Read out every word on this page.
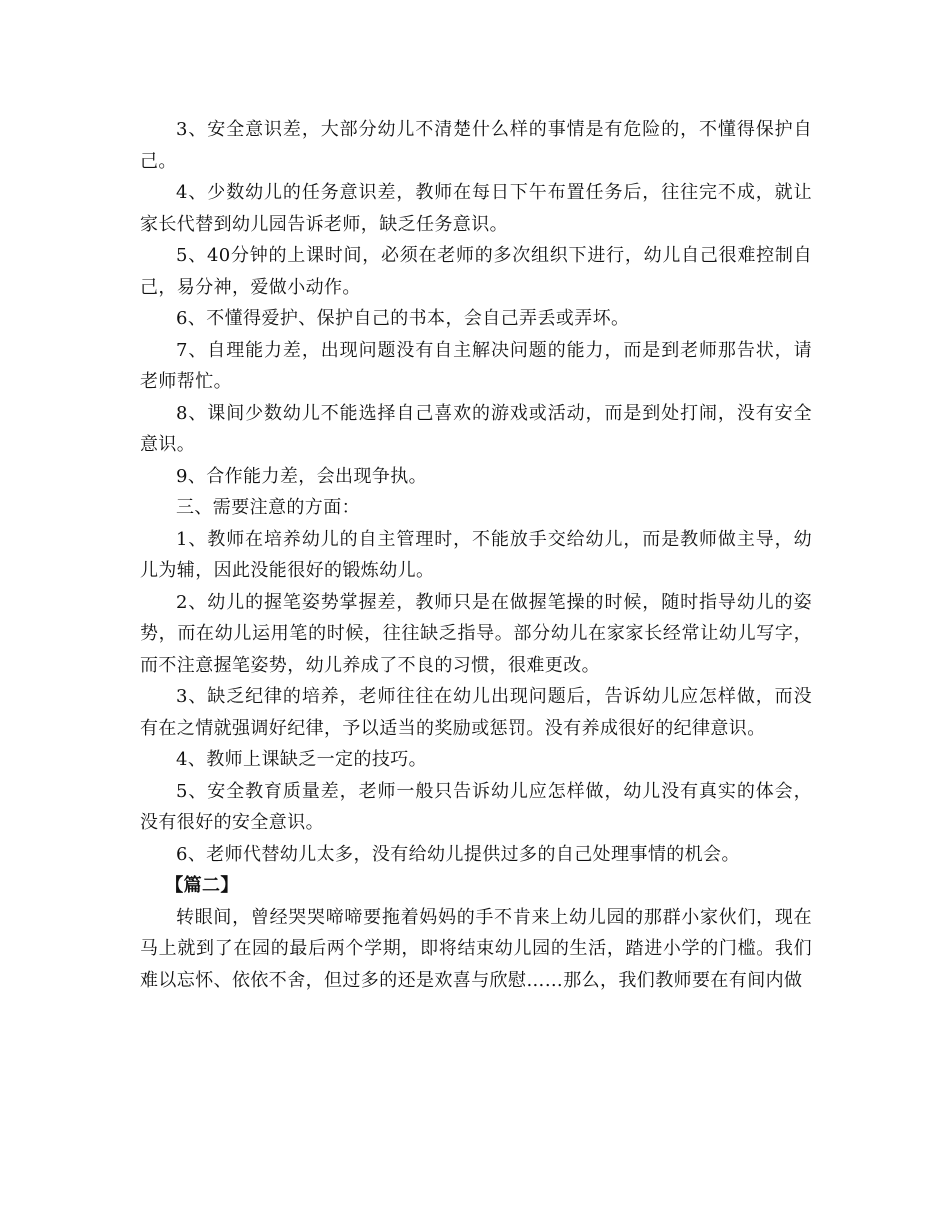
3、安全意识差，大部分幼儿不清楚什么样的事情是有危险的，不懂得保护自己。

4、少数幼儿的任务意识差，教师在每日下午布置任务后，往往完不成，就让家长代替到幼儿园告诉老师，缺乏任务意识。

5、40分钟的上课时间，必须在老师的多次组织下进行，幼儿自己很难控制自己，易分神，爱做小动作。

6、不懂得爱护、保护自己的书本，会自己弄丢或弄坏。

7、自理能力差，出现问题没有自主解决问题的能力，而是到老师那告状，请老师帮忙。

8、课间少数幼儿不能选择自己喜欢的游戏或活动，而是到处打闹，没有安全意识。

9、合作能力差，会出现争执。

三、需要注意的方面：

1、教师在培养幼儿的自主管理时，不能放手交给幼儿，而是教师做主导，幼儿为辅，因此没能很好的锻炼幼儿。

2、幼儿的握笔姿势掌握差，教师只是在做握笔操的时候，随时指导幼儿的姿势，而在幼儿运用笔的时候，往往缺乏指导。部分幼儿在家家长经常让幼儿写字，而不注意握笔姿势，幼儿养成了不良的习惯，很难更改。

3、缺乏纪律的培养，老师往往在幼儿出现问题后，告诉幼儿应怎样做，而没有在之情就强调好纪律，予以适当的奖励或惩罚。没有养成很好的纪律意识。

4、教师上课缺乏一定的技巧。

5、安全教育质量差，老师一般只告诉幼儿应怎样做，幼儿没有真实的体会，没有很好的安全意识。

6、老师代替幼儿太多，没有给幼儿提供过多的自己处理事情的机会。

【篇二】

转眼间，曾经哭哭啼啼要拖着妈妈的手不肯来上幼儿园的那群小家伙们，现在马上就到了在园的最后两个学期，即将结束幼儿园的生活，踏进小学的门槛。我们难以忘怀、依依不舍，但过多的还是欢喜与欣慰……那么，我们教师要在有间内做
